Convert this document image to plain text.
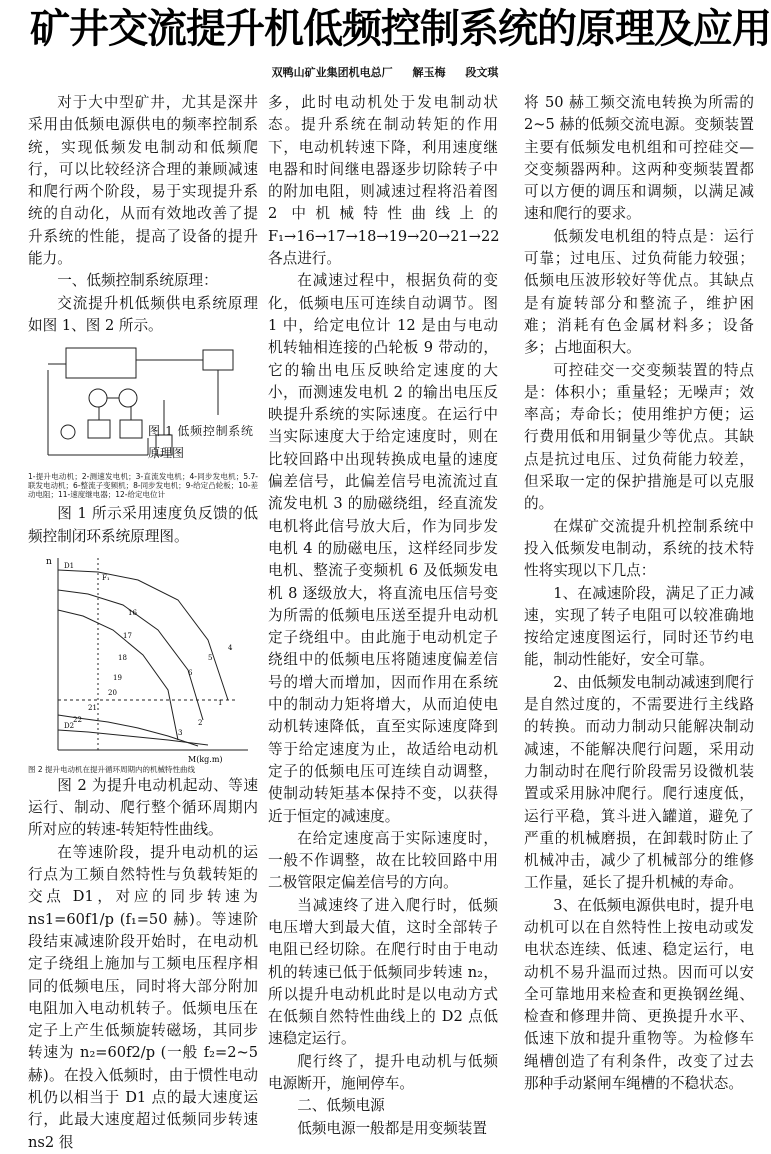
矿井交流提升机低频控制系统的原理及应用
双鸭山矿业集团机电总厂 解玉梅 段文琪

对于大中型矿井，尤其是深井采用由低频电源供电的频率控制系统，实现低频发电制动和低频爬行，可以比较经济合理的兼顾减速和爬行两个阶段，易于实现提升系统的自动化，从而有效地改善了提升系统的性能，提高了设备的提升能力。

一、低频控制系统原理：

交流提升机低频供电系统原理如图 1、图 2 所示。

图 1 低频控制系统原理图
1-提升电动机；2-测速发电机；3-直流发电机；4-同步发电机；5.7-联发电动机；6-整流子变频机；8-同步发电机；9-给定凸轮板；10-差动电阻；11-速度继电器；12-给定电位计

图 1 所示采用速度负反馈的低频控制闭环系统原理图。

n
M(kg.m)
D1
D2
F₁
1
2
3
4
5
6
16
17
18
19
20
21
22

图 2 提升电动机在提升循环周期内的机械特性曲线

图 2 为提升电动机起动、等速运行、制动、爬行整个循环周期内所对应的转速-转矩特性曲线。

在等速阶段，提升电动机的运行点为工频自然特性与负载转矩的交点 D1，对应的同步转速为 ns1=60f1/p (f₁=50 赫)。等速阶段结束减速阶段开始时，在电动机定子绕组上施加与工频电压程序相同的低频电压，同时将大部分附加电阻加入电动机转子。低频电压在定子上产生低频旋转磁场，其同步转速为 n₂=60f2/p (一般 f₂=2~5 赫)。在投入低频时，由于惯性电动机仍以相当于 D1 点的最大速度运行，此最大速度超过低频同步转速 ns2 很

多，此时电动机处于发电制动状态。提升系统在制动转矩的作用下，电动机转速下降，利用速度继电器和时间继电器逐步切除转子中的附加电阻，则减速过程将沿着图 2 中机械特性曲线上的 F₁→16→17→18→19→20→21→22 各点进行。

在减速过程中，根据负荷的变化，低频电压可连续自动调节。图 1 中，给定电位计 12 是由与电动机转轴相连接的凸轮板 9 带动的，它的输出电压反映给定速度的大小，而测速发电机 2 的输出电压反映提升系统的实际速度。在运行中当实际速度大于给定速度时，则在比较回路中出现转换成电量的速度偏差信号，此偏差信号电流流过直流发电机 3 的励磁绕组，经直流发电机将此信号放大后，作为同步发电机 4 的励磁电压，这样经同步发电机、整流子变频机 6 及低频发电机 8 逐级放大，将直流电压信号变为所需的低频电压送至提升电动机定子绕组中。由此施于电动机定子绕组中的低频电压将随速度偏差信号的增大而增加，因而作用在系统中的制动力矩将增大，从而迫使电动机转速降低，直至实际速度降到等于给定速度为止，故适给电动机定子的低频电压可连续自动调整，使制动转矩基本保持不变，以获得近于恒定的减速度。

在给定速度高于实际速度时，一般不作调整，故在比较回路中用二极管限定偏差信号的方向。

当减速终了进入爬行时，低频电压增大到最大值，这时全部转子电阻已经切除。在爬行时由于电动机的转速已低于低频同步转速 n₂，所以提升电动机此时是以电动方式在低频自然特性曲线上的 D2 点低速稳定运行。

爬行终了，提升电动机与低频电源断开，施闸停车。

二、低频电源

低频电源一般都是用变频装置

将 50 赫工频交流电转换为所需的 2~5 赫的低频交流电源。变频装置主要有低频发电机组和可控硅交—交变频器两种。这两种变频装置都可以方便的调压和调频，以满足减速和爬行的要求。

低频发电机组的特点是：运行可靠；过电压、过负荷能力较强；低频电压波形较好等优点。其缺点是有旋转部分和整流子，维护困难；消耗有色金属材料多；设备多；占地面积大。

可控硅交一交变频装置的特点是：体积小；重量轻；无噪声；效率高；寿命长；使用维护方便；运行费用低和用铜量少等优点。其缺点是抗过电压、过负荷能力较差，但采取一定的保护措施是可以克服的。

在煤矿交流提升机控制系统中投入低频发电制动，系统的技术特性将实现以下几点：

1、在减速阶段，满足了正力减速，实现了转子电阻可以较准确地按给定速度图运行，同时还节约电能，制动性能好，安全可靠。

2、由低频发电制动减速到爬行是自然过度的，不需要进行主线路的转换。而动力制动只能解决制动减速，不能解决爬行问题，采用动力制动时在爬行阶段需另设微机装置或采用脉冲爬行。爬行速度低，运行平稳，箕斗进入罐道，避免了严重的机械磨损，在卸载时防止了机械冲击，减少了机械部分的维修工作量，延长了提升机械的寿命。

3、在低频电源供电时，提升电动机可以在自然特性上按电动或发电状态连续、低速、稳定运行，电动机不易升温而过热。因而可以安全可靠地用来检查和更换钢丝绳、检查和修理井筒、更换提升水平、低速下放和提升重物等。为检修车绳槽创造了有利条件，改变了过去那种手动紧闸车绳槽的不稳状态。
